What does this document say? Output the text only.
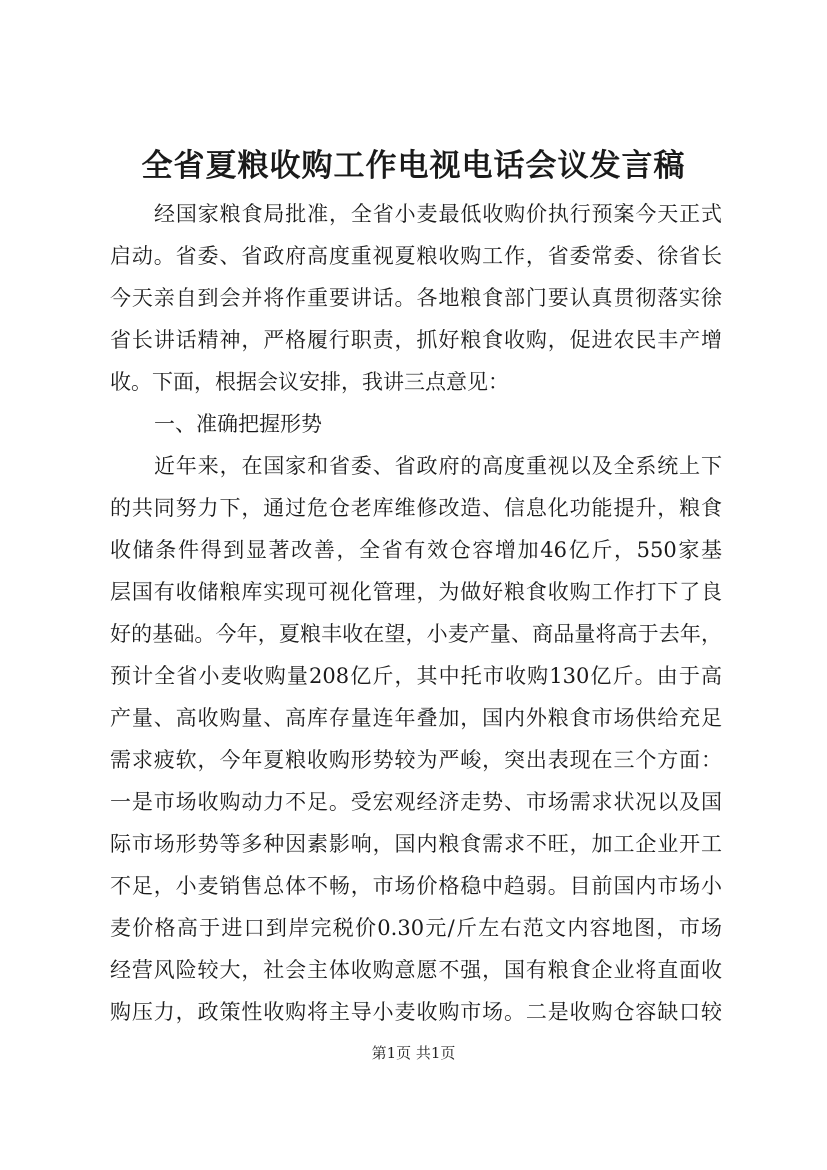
全省夏粮收购工作电视电话会议发言稿
经国家粮食局批准，全省小麦最低收购价执行预案今天正式
启动。省委、省政府高度重视夏粮收购工作，省委常委、徐省长
今天亲自到会并将作重要讲话。各地粮食部门要认真贯彻落实徐
省长讲话精神，严格履行职责，抓好粮食收购，促进农民丰产增
收。下面，根据会议安排，我讲三点意见：
一、准确把握形势
近年来，在国家和省委、省政府的高度重视以及全系统上下
的共同努力下，通过危仓老库维修改造、信息化功能提升，粮食
收储条件得到显著改善，全省有效仓容增加46亿斤，550家基
层国有收储粮库实现可视化管理，为做好粮食收购工作打下了良
好的基础。今年，夏粮丰收在望，小麦产量、商品量将高于去年，
预计全省小麦收购量208亿斤，其中托市收购130亿斤。由于高
产量、高收购量、高库存量连年叠加，国内外粮食市场供给充足
需求疲软，今年夏粮收购形势较为严峻，突出表现在三个方面：
一是市场收购动力不足。受宏观经济走势、市场需求状况以及国
际市场形势等多种因素影响，国内粮食需求不旺，加工企业开工
不足，小麦销售总体不畅，市场价格稳中趋弱。目前国内市场小
麦价格高于进口到岸完税价0.30元/斤左右范文内容地图，市场
经营风险较大，社会主体收购意愿不强，国有粮食企业将直面收
购压力，政策性收购将主导小麦收购市场。二是收购仓容缺口较
第1页 共1页
